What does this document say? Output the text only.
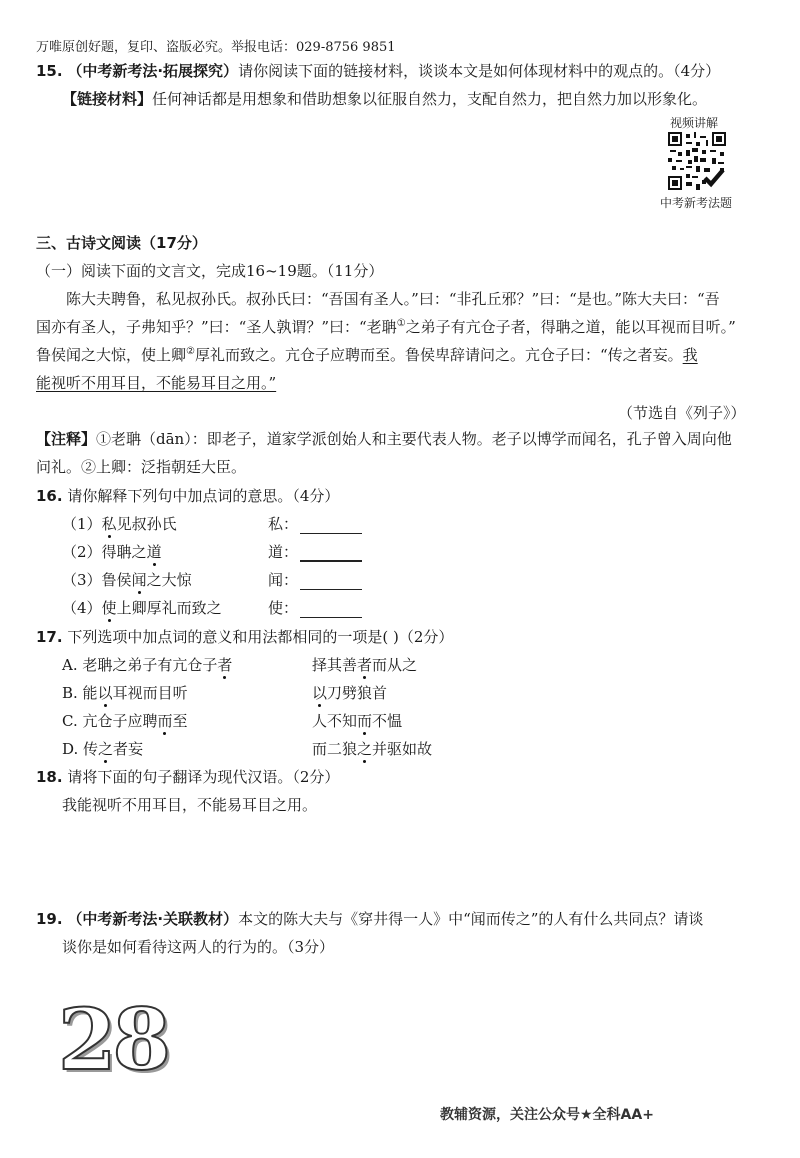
万唯原创好题，复印、盗版必究。举报电话：029-8756 9851
15. （中考新考法·拓展探究）请你阅读下面的链接材料，谈谈本文是如何体现材料中的观点的。（4分）
【链接材料】任何神话都是用想象和借助想象以征服自然力，支配自然力，把自然力加以形象化。
视频讲解
中考新考法题
三、古诗文阅读（17分）
（一）阅读下面的文言文，完成16~19题。（11分）
陈大夫聘鲁，私见叔孙氏。叔孙氏曰：“吾国有圣人。”曰：“非孔丘邪？”曰：“是也。”陈大夫曰：“吾
国亦有圣人，子弗知乎？”曰：“圣人孰谓？”曰：“老聃①之弟子有亢仓子者，得聃之道，能以耳视而目听。”
鲁侯闻之大惊，使上卿②厚礼而致之。亢仓子应聘而至。鲁侯卑辞请问之。亢仓子曰：“传之者妄。我
能视听不用耳目，不能易耳目之用。”
（节选自《列子》）
【注释】①老聃（dān）：即老子，道家学派创始人和主要代表人物。老子以博学而闻名，孔子曾入周向他
问礼。②上卿：泛指朝廷大臣。
16. 请你解释下列句中加点词的意思。（4分）
（1）私见叔孙氏	私：
（2）得聃之道	道：
（3）鲁侯闻之大惊	闻：
（4）使上卿厚礼而致之	使：
17. 下列选项中加点词的意义和用法都相同的一项是( )（2分）
A. 老聃之弟子有亢仓子者	择其善者而从之
B. 能以耳视而目听	以刀劈狼首
C. 亢仓子应聘而至	人不知而不愠
D. 传之者妄	而二狼之并驱如故
18. 请将下面的句子翻译为现代汉语。（2分）
我能视听不用耳目，不能易耳目之用。
19. （中考新考法·关联教材）本文的陈大夫与《穿井得一人》中“闻而传之”的人有什么共同点？请谈
谈你是如何看待这两人的行为的。（3分）
28
教辅资源，关注公众号★全科AA+
